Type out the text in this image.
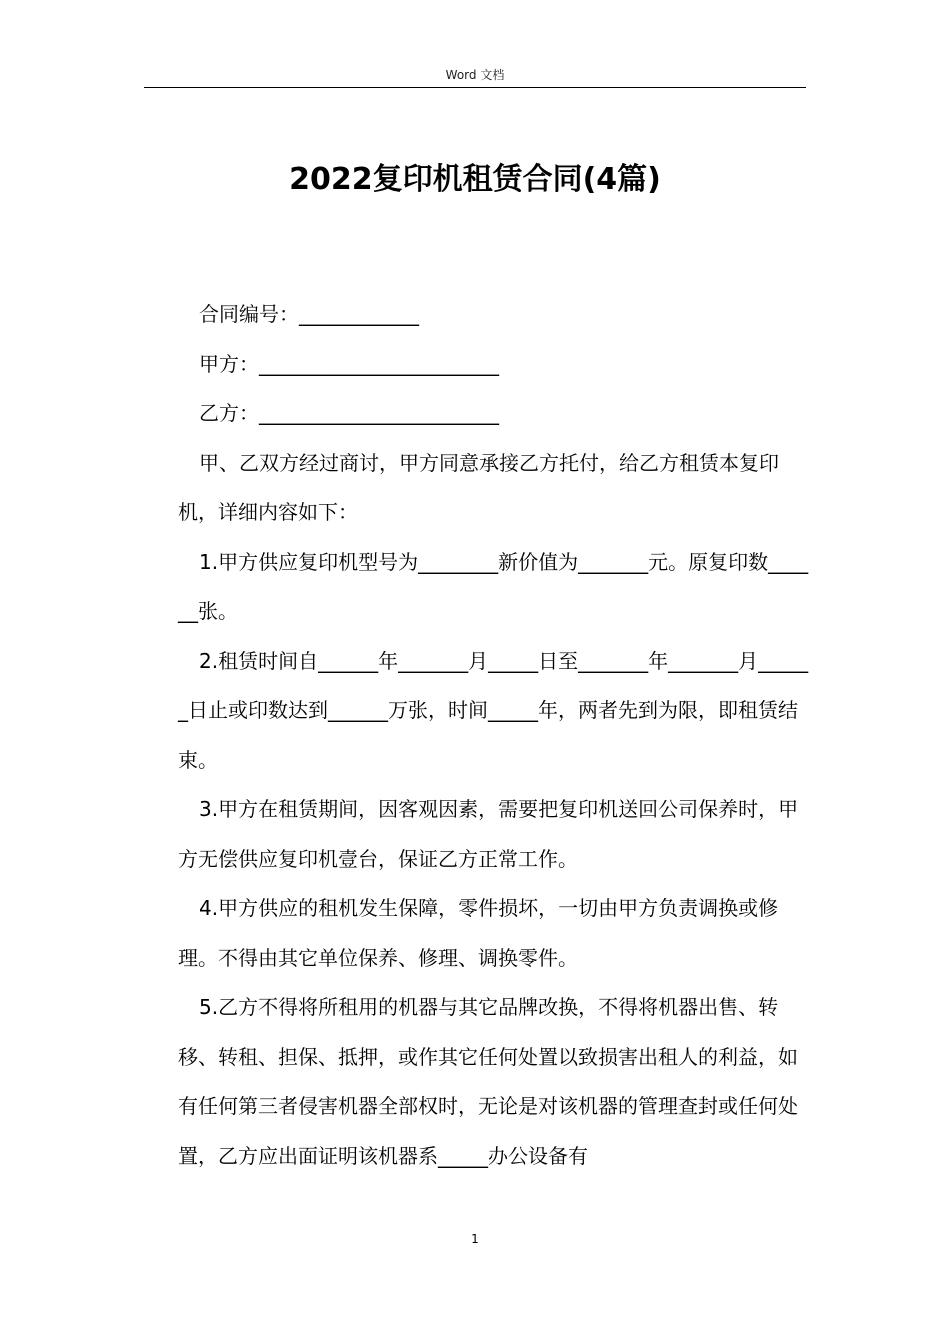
Word 文档
2022复印机租赁合同(4篇)

合同编号：____________

甲方：________________________

乙方：________________________

甲、乙双方经过商讨，甲方同意承接乙方托付，给乙方租赁本复印机，详细内容如下：

1.甲方供应复印机型号为________新价值为_______元。原复印数______张。

2.租赁时间自______年_______月_____日至_______年_______月______日止或印数达到______万张，时间_____年，两者先到为限，即租赁结束。

3.甲方在租赁期间，因客观因素，需要把复印机送回公司保养时，甲方无偿供应复印机壹台，保证乙方正常工作。

4.甲方供应的租机发生保障，零件损坏，一切由甲方负责调换或修理。不得由其它单位保养、修理、调换零件。

5.乙方不得将所租用的机器与其它品牌改换，不得将机器出售、转移、转租、担保、抵押，或作其它任何处置以致损害出租人的利益，如有任何第三者侵害机器全部权时，无论是对该机器的管理查封或任何处置，乙方应出面证明该机器系_____办公设备有

1
